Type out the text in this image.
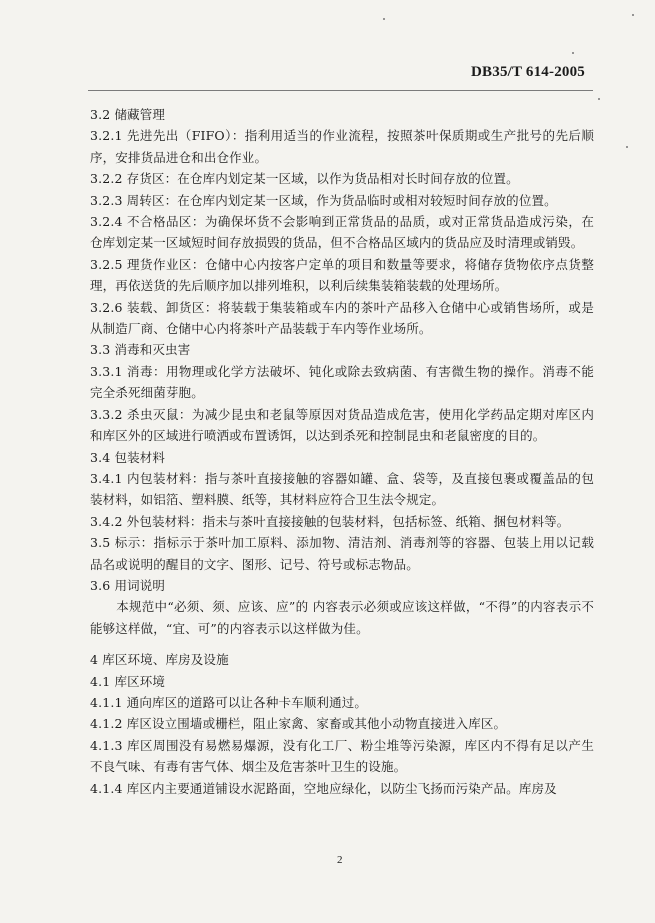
DB35/T 614-2005

3.2 储藏管理

3.2.1 先进先出（FIFO）：指利用适当的作业流程，按照茶叶保质期或生产批号的先后顺序，安排货品进仓和出仓作业。

3.2.2 存货区：在仓库内划定某一区域，以作为货品相对长时间存放的位置。

3.2.3 周转区：在仓库内划定某一区域，作为货品临时或相对较短时间存放的位置。

3.2.4 不合格品区：为确保坏货不会影响到正常货品的品质，或对正常货品造成污染，在仓库划定某一区域短时间存放损毁的货品，但不合格品区域内的货品应及时清理或销毁。

3.2.5 理货作业区：仓储中心内按客户定单的项目和数量等要求，将储存货物依序点货整理，再依送货的先后顺序加以排列堆积，以利后续集装箱装载的处理场所。

3.2.6 装载、卸货区：将装载于集装箱或车内的茶叶产品移入仓储中心或销售场所，或是从制造厂商、仓储中心内将茶叶产品装载于车内等作业场所。

3.3 消毒和灭虫害

3.3.1 消毒：用物理或化学方法破坏、钝化或除去致病菌、有害微生物的操作。消毒不能完全杀死细菌芽胞。

3.3.2 杀虫灭鼠：为减少昆虫和老鼠等原因对货品造成危害，使用化学药品定期对库区内和库区外的区域进行喷洒或布置诱饵，以达到杀死和控制昆虫和老鼠密度的目的。

3.4 包装材料

3.4.1 内包装材料：指与茶叶直接接触的容器如罐、盒、袋等，及直接包裹或覆盖品的包装材料，如铝箔、塑料膜、纸等，其材料应符合卫生法令规定。

3.4.2 外包装材料：指未与茶叶直接接触的包装材料，包括标签、纸箱、捆包材料等。

3.5 标示：指标示于茶叶加工原料、添加物、清洁剂、消毒剂等的容器、包装上用以记载品名或说明的醒目的文字、图形、记号、符号或标志物品。

3.6 用词说明

本规范中“必须、须、应该、应”的 内容表示必须或应该这样做，“不得”的内容表示不能够这样做，“宜、可”的内容表示以这样做为佳。

4 库区环境、库房及设施

4.1 库区环境

4.1.1 通向库区的道路可以让各种卡车顺利通过。

4.1.2 库区设立围墙或栅栏，阻止家禽、家畜或其他小动物直接进入库区。

4.1.3 库区周围没有易燃易爆源，没有化工厂、粉尘堆等污染源，库区内不得有足以产生不良气味、有毒有害气体、烟尘及危害茶叶卫生的设施。

4.1.4 库区内主要通道铺设水泥路面，空地应绿化，以防尘飞扬而污染产品。库房及

2
